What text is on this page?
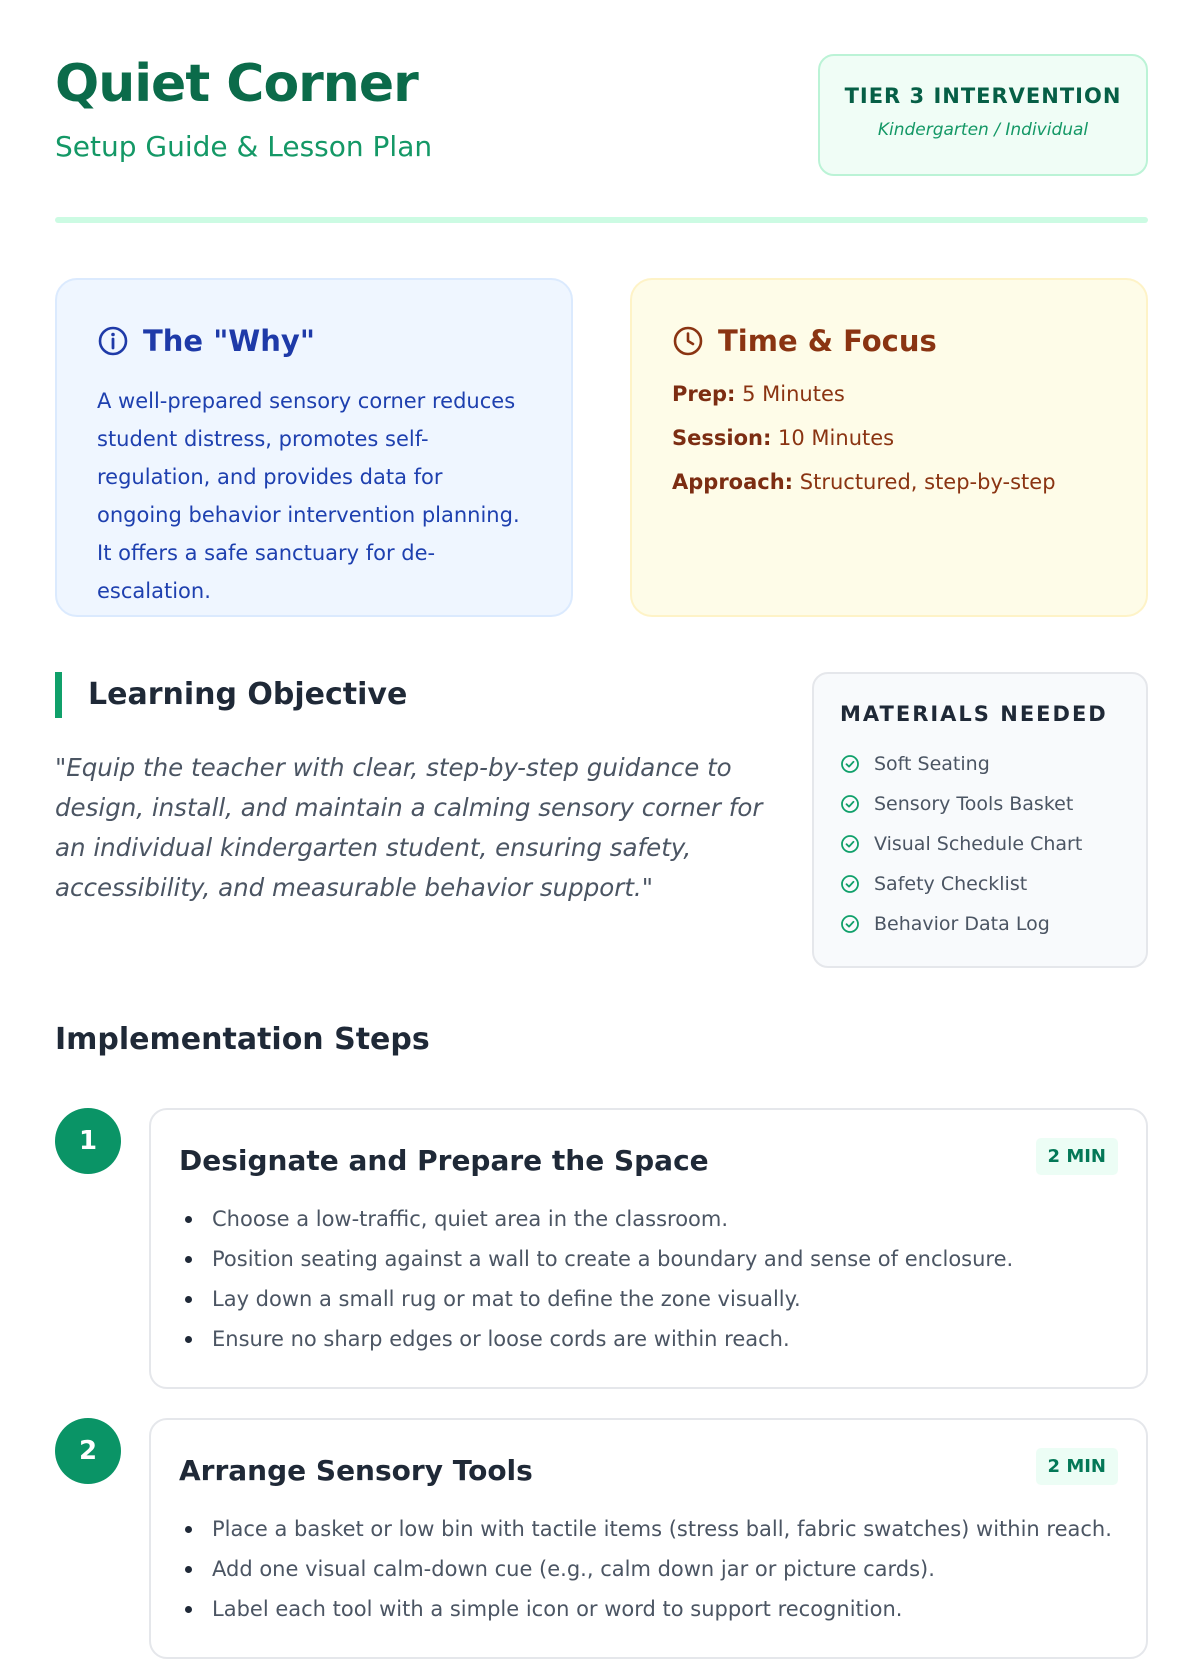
Quiet Corner
Setup Guide & Lesson Plan
TIER 3 INTERVENTION
Kindergarten / Individual
The "Why"

A well-prepared sensory corner reduces student distress, promotes self-regulation, and provides data for ongoing behavior intervention planning. It offers a safe sanctuary for de-escalation.

Time & Focus
Prep: 5 Minutes
Session: 10 Minutes
Approach: Structured, step-by-step
Learning Objective

"Equip the teacher with clear, step-by-step guidance to design, install, and maintain a calming sensory corner for an individual kindergarten student, ensuring safety, accessibility, and measurable behavior support."

MATERIALS NEEDED
Soft Seating
Sensory Tools Basket
Visual Schedule Chart
Safety Checklist
Behavior Data Log
Implementation Steps
1
Designate and Prepare the Space	2 MIN
Choose a low-traffic, quiet area in the classroom.
Position seating against a wall to create a boundary and sense of enclosure.
Lay down a small rug or mat to define the zone visually.
Ensure no sharp edges or loose cords are within reach.
2
Arrange Sensory Tools	2 MIN
Place a basket or low bin with tactile items (stress ball, fabric swatches) within reach.
Add one visual calm-down cue (e.g., calm down jar or picture cards).
Label each tool with a simple icon or word to support recognition.
